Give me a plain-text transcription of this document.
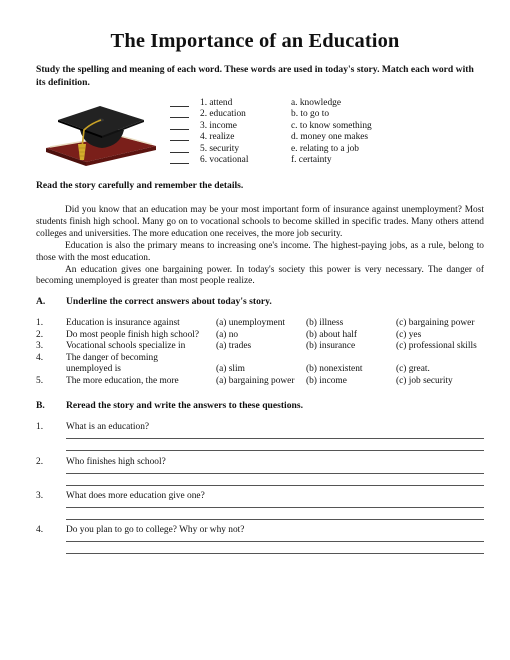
The Importance of an Education
Study the spelling and meaning of each word. These words are used in today's story. Match each word with its definition.
1. attend	a. knowledge
2. education	b. to go to
3. income	c. to know something
4. realize	d. money one makes
5. security	e. relating to a job
6. vocational	f. certainty
Read the story carefully and remember the details.

Did you know that an education may be your most important form of insurance against unemployment? Most students finish high school. Many go on to vocational schools to become skilled in specific trades. Many others attend colleges and universities. The more education one receives, the more job security.

Education is also the primary means to increasing one's income. The highest-paying jobs, as a rule, belong to those with the most education.

An education gives one bargaining power. In today's society this power is very necessary. The danger of becoming unemployed is greater than most people realize.

A. Underline the correct answers about today's story.
1. Education is insurance against	(a) unemployment (b) illness	(c) bargaining power
2. Do most people finish high school? (a) no	(b) about half	(c) yes
3. Vocational schools specialize in	(a) trades	(b) insurance	(c) professional skills
4. The danger of becoming
unemployed is	(a) slim	(b) nonexistent	(c) great.
5. The more education, the more	(a) bargaining power (b) income	(c) job security
B. Reread the story and write the answers to these questions.
1. What is an education?
2. Who finishes high school?
3. What does more education give one?
4. Do you plan to go to college? Why or why not?
